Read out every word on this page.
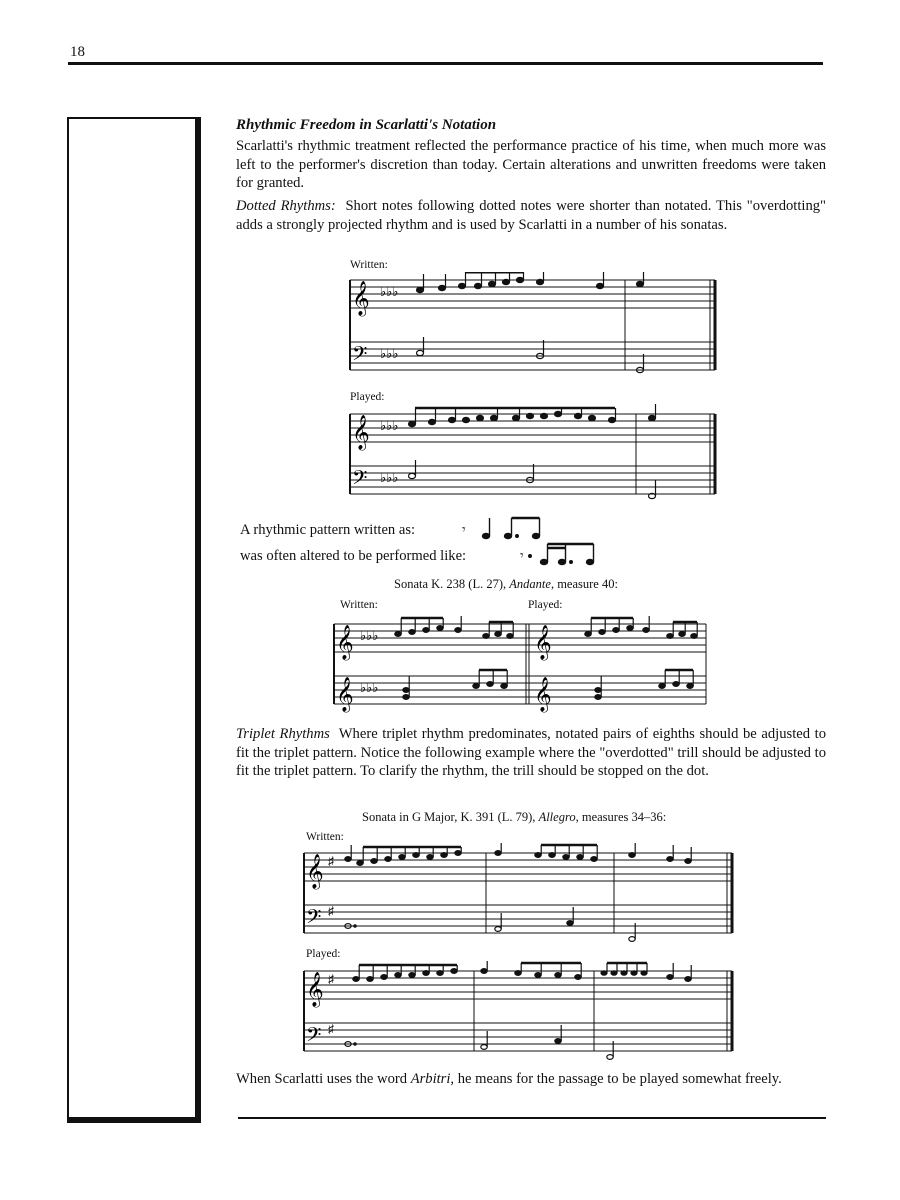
18

Rhythmic Freedom in Scarlatti's Notation

Scarlatti's rhythmic treatment reflected the performance practice of his time, when much more was left to the performer's discretion than today. Certain alterations and unwritten freedoms were taken for granted.

Dotted Rhythms: Short notes following dotted notes were shorter than notated. This "overdotting" adds a strongly projected rhythm and is used by Scarlatti in a number of his sonatas.

Written:
𝄞
𝄢
♭♭♭
♭♭♭
Played:
𝄞
𝄢
♭♭♭
♭♭♭
A rhythmic pattern written as:	𝄾
was often altered to be performed like:	𝄾
Sonata K. 238 (L. 27), Andante, measure 40:
Written:	Played:
𝄞
𝄞
𝄞
𝄞
♭♭♭
♭♭♭

Triplet Rhythms Where triplet rhythm predominates, notated pairs of eighths should be adjusted to fit the triplet pattern. Notice the following example where the "overdotted" trill should be adjusted to fit the triplet pattern. To clarify the rhythm, the trill should be stopped on the dot.

Sonata in G Major, K. 391 (L. 79), Allegro, measures 34–36:
Written:
𝄞
𝄢
♯
♯
Played:
𝄞
𝄢
♯
♯

When Scarlatti uses the word Arbitri, he means for the passage to be played somewhat freely.
